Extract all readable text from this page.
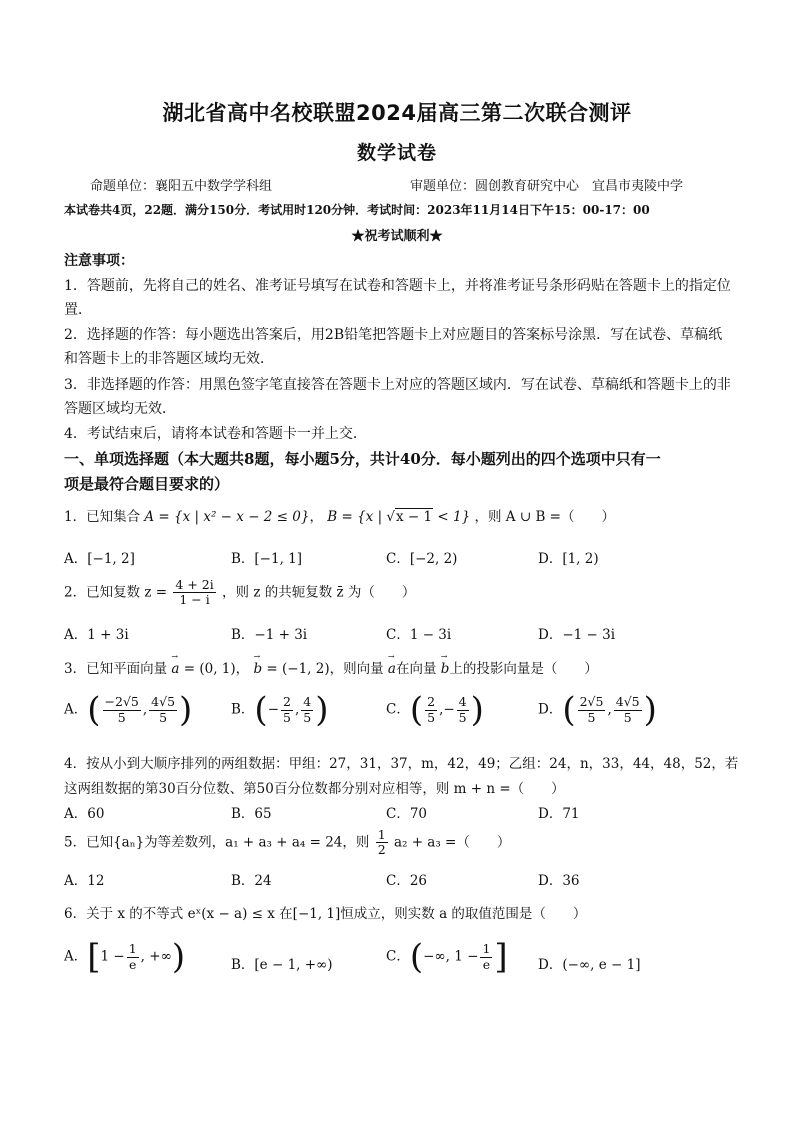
湖北省高中名校联盟2024届高三第二次联合测评
数学试卷
命题单位：襄阳五中数学学科组	审题单位：圆创教育研究中心　宜昌市夷陵中学
本试卷共4页，22题．满分150分．考试用时120分钟．考试时间：2023年11月14日下午15：00-17：00
★祝考试顺利★
注意事项：
1．答题前，先将自己的姓名、准考证号填写在试卷和答题卡上，并将准考证号条形码贴在答题卡上的指定位
置．
2．选择题的作答：每小题选出答案后，用2B铅笔把答题卡上对应题目的答案标号涂黑．写在试卷、草稿纸
和答题卡上的非答题区域均无效．
3．非选择题的作答：用黑色签字笔直接答在答题卡上对应的答题区域内．写在试卷、草稿纸和答题卡上的非
答题区域均无效．
4．考试结束后，请将本试卷和答题卡一并上交．
一、单项选择题（本大题共8题，每小题5分，共计40分．每小题列出的四个选项中只有一
项是最符合题目要求的）
1．已知集合 A = {x | x² − x − 2 ≤ 0}， B = {x | √x − 1 < 1} ，则 A ∪ B =（　　）
A．[−1, 2]	B．[−1, 1]	C．[−2, 2)	D．[1, 2)
2．已知复数 $z = \frac{4 + 2i}{1 - i}$ ，则 z 的共轭复数 z̄ 为（　　）
A．1 + 3i	B．−1 + 3i	C．1 − 3i	D．−1 − 3i
3．已知平面向量 → a = (0, 1)， → b = (−1, 2)，则向量 → a在向量 → b上的投影向量是（　　）
A．( $\frac{-2√5}{5}$ , $\frac{4√5}{5}$ )	B．(− $\frac{2}{5}$ , $\frac{4}{5}$ )	C．( $\frac{2}{5}$ ,− $\frac{4}{5}$ )	D．( $\frac{2√5}{5}$ , $\frac{4√5}{5}$ )
4．按从小到大顺序排列的两组数据：甲组：27，31，37，m，42，49；乙组：24，n，33，44，48，52，若
这两组数据的第30百分位数、第50百分位数都分别对应相等，则 m + n =（　　）
A．60	B．65	C．70	D．71
5．已知{aₙ}为等差数列，a₁ + a₃ + a₄ = 24，则 $\frac{1}{2} a_2 + a_3$ =（　　）
A．12	B．24	C．26	D．36
6．关于 x 的不等式 eˣ(x − a) ≤ x 在[−1, 1]恒成立，则实数 a 的取值范围是（　　）
A．[$1 - \frac{1}{e}$ , +∞)	B．[e − 1, +∞)
C．(−∞, $1 - \frac{1}{e}$ ] D．(−∞, e − 1]
